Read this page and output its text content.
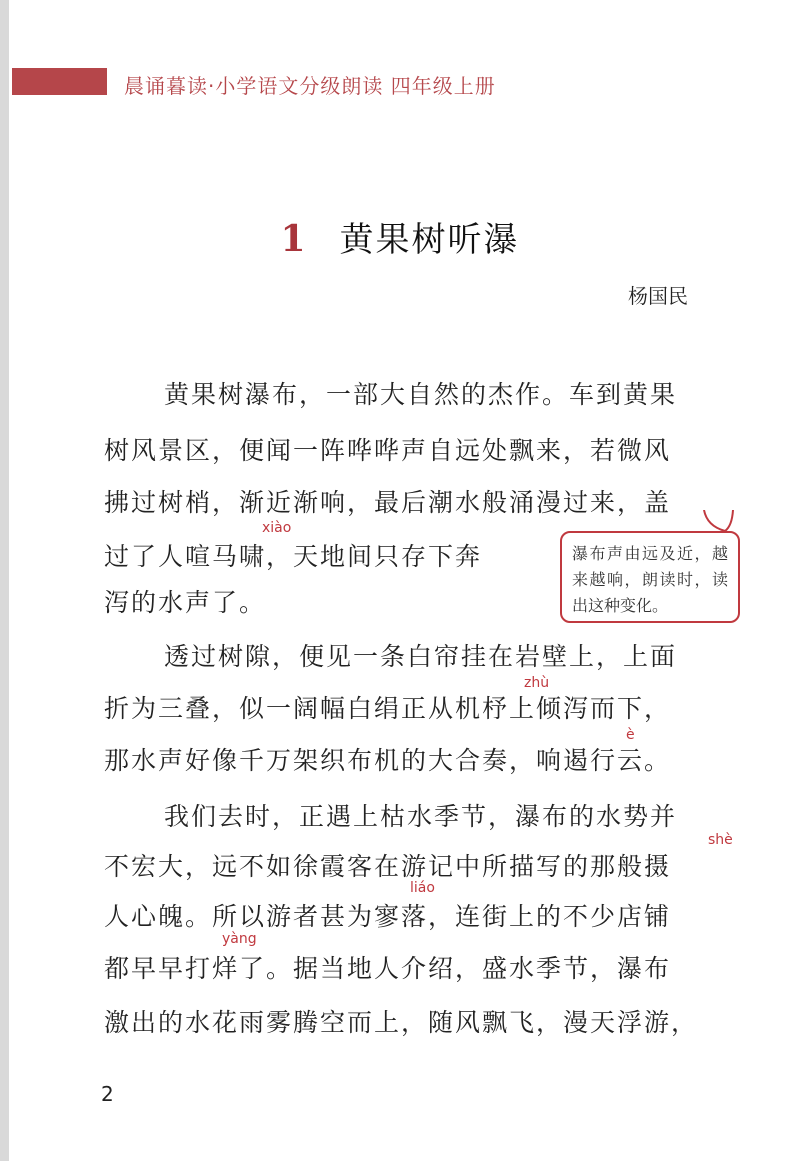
晨诵暮读·小学语文分级朗读 四年级上册
1 黄果树听瀑
杨国民
黄果树瀑布，一部大自然的杰作。车到黄果
树风景区，便闻一阵哗哗声自远处飘来，若微风
拂过树梢，渐近渐响，最后潮水般涌漫过来，盖
过了人喧马啸，天地间只存下奔
泻的水声了。
透过树隙，便见一条白帘挂在岩壁上，上面
折为三叠，似一阔幅白绢正从机杼上倾泻而下，
那水声好像千万架织布机的大合奏，响遏行云。
我们去时，正遇上枯水季节，瀑布的水势并
不宏大，远不如徐霞客在游记中所描写的那般摄
人心魄。所以游者甚为寥落，连街上的不少店铺
都早早打烊了。据当地人介绍，盛水季节，瀑布
激出的水花雨雾腾空而上，随风飘飞，漫天浮游，
xiào
zhù
è
shè
liáo
yàng
瀑布声由远及近，越来越响，朗读时，读出这种变化。
2
